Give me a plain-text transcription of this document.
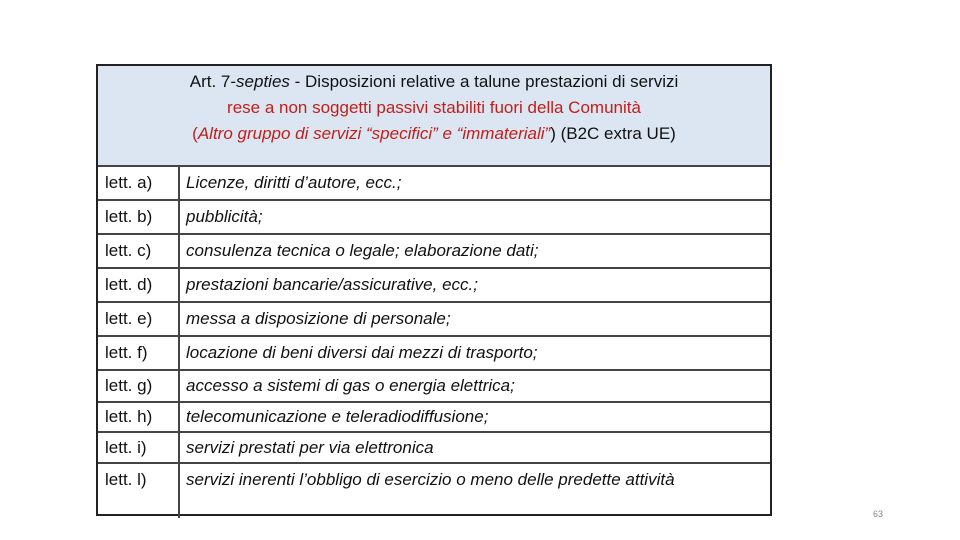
Art. 7-septies - Disposizioni relative a talune prestazioni di servizi
rese a non soggetti passivi stabiliti fuori della Comunità
(Altro gruppo di servizi “specifici” e “immateriali”) (B2C extra UE)
lett. a) Licenze, diritti d’autore, ecc.;
lett. b) pubblicità;
lett. c) consulenza tecnica o legale; elaborazione dati;
lett. d) prestazioni bancarie/assicurative, ecc.;
lett. e) messa a disposizione di personale;
lett. f) locazione di beni diversi dai mezzi di trasporto;
lett. g) accesso a sistemi di gas o energia elettrica;
lett. h) telecomunicazione e teleradiodiffusione;
lett. i) servizi prestati per via elettronica
lett. l) servizi inerenti l’obbligo di esercizio o meno delle predette attività
63
